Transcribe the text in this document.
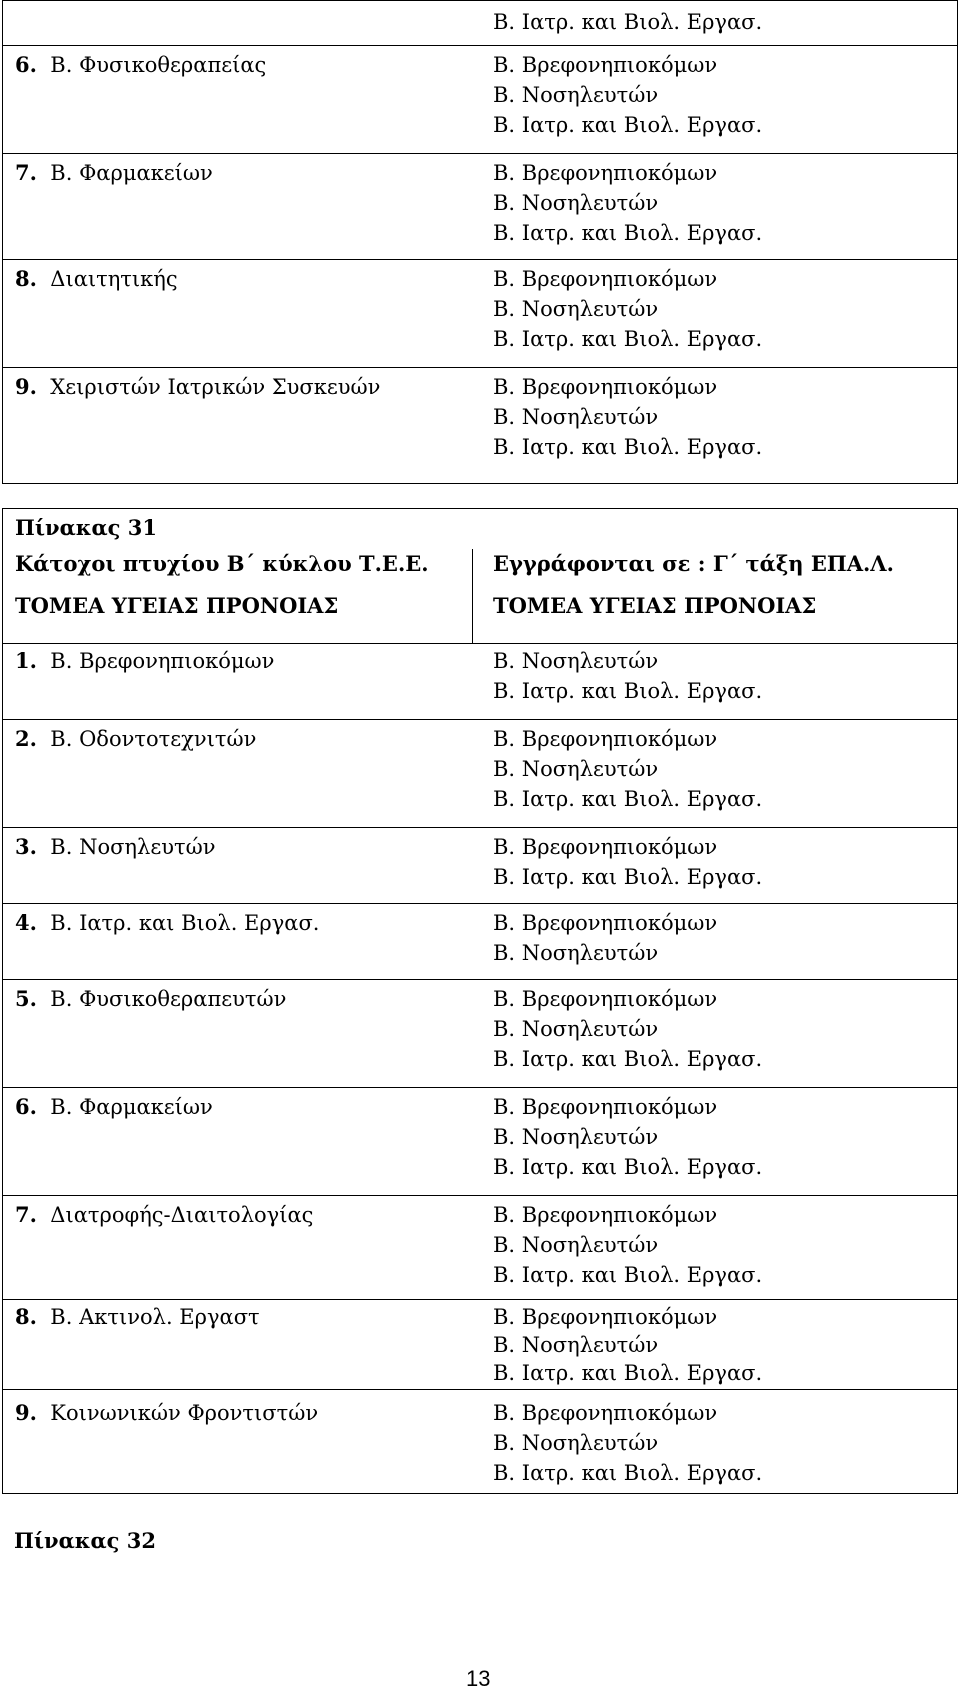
Β. Ιατρ. και Βιολ. Εργασ.
6. Β. Φυσικοθεραπείας	Β. Βρεφονηπιοκόμων
Β. Νοσηλευτών
Β. Ιατρ. και Βιολ. Εργασ.
7. Β. Φαρμακείων	Β. Βρεφονηπιοκόμων
Β. Νοσηλευτών
Β. Ιατρ. και Βιολ. Εργασ.
8. Διαιτητικής	Β. Βρεφονηπιοκόμων
Β. Νοσηλευτών
Β. Ιατρ. και Βιολ. Εργασ.
9. Χειριστών Ιατρικών Συσκευών	Β. Βρεφονηπιοκόμων
Β. Νοσηλευτών
Β. Ιατρ. και Βιολ. Εργασ.
Πίνακας 31
Κάτοχοι πτυχίου Β΄ κύκλου Τ.Ε.Ε.
ΤΟΜΕΑ ΥΓΕΙΑΣ ΠΡΟΝΟΙΑΣ
Εγγράφονται σε : Γ΄ τάξη ΕΠΑ.Λ.
ΤΟΜΕΑ ΥΓΕΙΑΣ ΠΡΟΝΟΙΑΣ
1. Β. Βρεφονηπιοκόμων	Β. Νοσηλευτών
Β. Ιατρ. και Βιολ. Εργασ.
2. Β. Οδοντοτεχνιτών	Β. Βρεφονηπιοκόμων
Β. Νοσηλευτών
Β. Ιατρ. και Βιολ. Εργασ.
3. Β. Νοσηλευτών	Β. Βρεφονηπιοκόμων
Β. Ιατρ. και Βιολ. Εργασ.
4. Β. Ιατρ. και Βιολ. Εργασ.	Β. Βρεφονηπιοκόμων
Β. Νοσηλευτών
5. Β. Φυσικοθεραπευτών	Β. Βρεφονηπιοκόμων
Β. Νοσηλευτών
Β. Ιατρ. και Βιολ. Εργασ.
6. Β. Φαρμακείων	Β. Βρεφονηπιοκόμων
Β. Νοσηλευτών
Β. Ιατρ. και Βιολ. Εργασ.
7. Διατροφής-Διαιτολογίας	Β. Βρεφονηπιοκόμων
Β. Νοσηλευτών
Β. Ιατρ. και Βιολ. Εργασ.
8. Β. Ακτινολ. Εργαστ	Β. Βρεφονηπιοκόμων
Β. Νοσηλευτών
Β. Ιατρ. και Βιολ. Εργασ.
9. Κοινωνικών Φροντιστών	Β. Βρεφονηπιοκόμων
Β. Νοσηλευτών
Β. Ιατρ. και Βιολ. Εργασ.
Πίνακας 32
13
